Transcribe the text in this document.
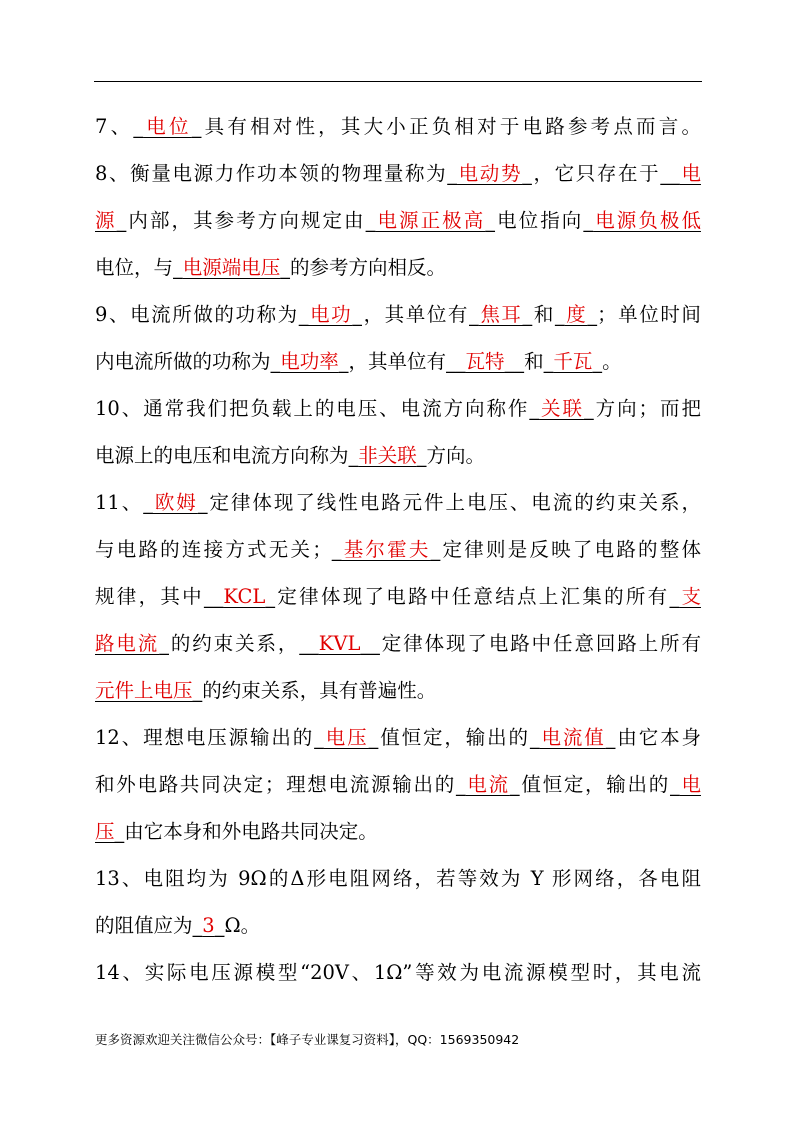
7、_电位_具有相对性，其大小正负相对于电路参考点而言。
8、衡量电源力作功本领的物理量称为_电动势_，它只存在于__电
源_内部，其参考方向规定由_电源正极高_电位指向_电源负极低
电位，与_电源端电压_的参考方向相反。
9、电流所做的功称为_电功_，其单位有_焦耳_和_度_；单位时间
内电流所做的功称为_电功率_，其单位有__瓦特__和_千瓦_。
10、通常我们把负载上的电压、电流方向称作_关联_方向；而把
电源上的电压和电流方向称为_非关联_方向。
11、_欧姆_定律体现了线性电路元件上电压、电流的约束关系，
与电路的连接方式无关；_基尔霍夫_定律则是反映了电路的整体
规律，其中__KCL_定律体现了电路中任意结点上汇集的所有_支
路电流_的约束关系，__KVL__定律体现了电路中任意回路上所有
元件上电压_的约束关系，具有普遍性。
12、理想电压源输出的_电压_值恒定，输出的_电流值_由它本身
和外电路共同决定；理想电流源输出的_电流_值恒定，输出的_电
压_由它本身和外电路共同决定。
13、电阻均为 9Ω的Δ形电阻网络，若等效为 Y 形网络，各电阻
的阻值应为_3_Ω。
14、实际电压源模型“20V、1Ω”等效为电流源模型时，其电流
更多资源欢迎关注微信公众号：【峰子专业课复习资料】，QQ：1569350942
